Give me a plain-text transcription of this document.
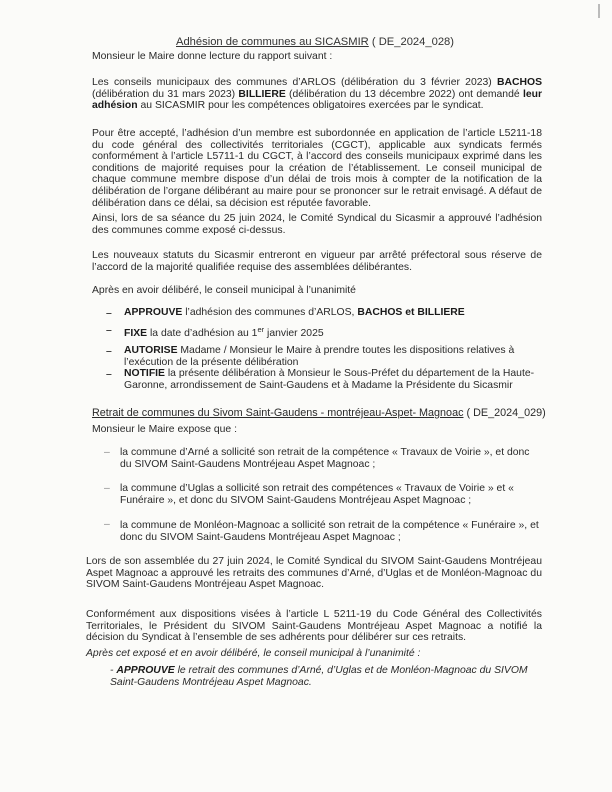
Adhésion de communes au SICASMIR ( DE_2024_028)
Monsieur le Maire donne lecture du rapport suivant :
Les conseils municipaux des communes d’ARLOS (délibération du 3 février 2023) BACHOS (délibération du 31 mars 2023) BILLIERE (délibération du 13 décembre 2022) ont demandé leur adhésion au SICASMIR pour les compétences obligatoires exercées par le syndicat.
Pour être accepté, l’adhésion d’un membre est subordonnée en application de l’article L5211-18 du code général des collectivités territoriales (CGCT), applicable aux syndicats fermés conformément à l’article L5711-1 du CGCT, à l’accord des conseils municipaux exprimé dans les conditions de majorité requises pour la création de l’établissement. Le conseil municipal de chaque commune membre dispose d’un délai de trois mois à compter de la notification de la délibération de l’organe délibérant au maire pour se prononcer sur le retrait envisagé. A défaut de délibération dans ce délai, sa décision est réputée favorable.
Ainsi, lors de sa séance du 25 juin 2024, le Comité Syndical du Sicasmir a approuvé l’adhésion des communes comme exposé ci-dessus.
Les nouveaux statuts du Sicasmir entreront en vigueur par arrêté préfectoral sous réserve de l’accord de la majorité qualifiée requise des assemblées délibérantes.
Après en avoir délibéré, le conseil municipal à l’unanimité
– APPROUVE l’adhésion des communes d’ARLOS, BACHOS et BILLIERE
– FIXE la date d’adhésion au 1er janvier 2025
– AUTORISE Madame / Monsieur le Maire à prendre toutes les dispositions relatives à l’exécution de la présente délibération
– NOTIFIE la présente délibération à Monsieur le Sous-Préfet du département de la Haute-Garonne, arrondissement de Saint-Gaudens et à Madame la Présidente du Sicasmir
Retrait de communes du Sivom Saint-Gaudens - montréjeau-Aspet- Magnoac ( DE_2024_029)
Monsieur le Maire expose que :
– la commune d’Arné a sollicité son retrait de la compétence « Travaux de Voirie », et donc du SIVOM Saint-Gaudens Montréjeau Aspet Magnoac ;
– la commune d’Uglas a sollicité son retrait des compétences « Travaux de Voirie » et « Funéraire », et donc du SIVOM Saint-Gaudens Montréjeau Aspet Magnoac ;
– la commune de Monléon-Magnoac a sollicité son retrait de la compétence « Funéraire », et donc du SIVOM Saint-Gaudens Montréjeau Aspet Magnoac ;
Lors de son assemblée du 27 juin 2024, le Comité Syndical du SIVOM Saint-Gaudens Montréjeau Aspet Magnoac a approuvé les retraits des communes d’Arné, d’Uglas et de Monléon-Magnoac du SIVOM Saint-Gaudens Montréjeau Aspet Magnoac.
Conformément aux dispositions visées à l’article L 5211-19 du Code Général des Collectivités Territoriales, le Président du SIVOM Saint-Gaudens Montréjeau Aspet Magnoac a notifié la décision du Syndicat à l’ensemble de ses adhérents pour délibérer sur ces retraits.
Après cet exposé et en avoir délibéré, le conseil municipal à l’unanimité :
- APPROUVE le retrait des communes d’Arné, d’Uglas et de Monléon-Magnoac du SIVOM Saint-Gaudens Montréjeau Aspet Magnoac.
